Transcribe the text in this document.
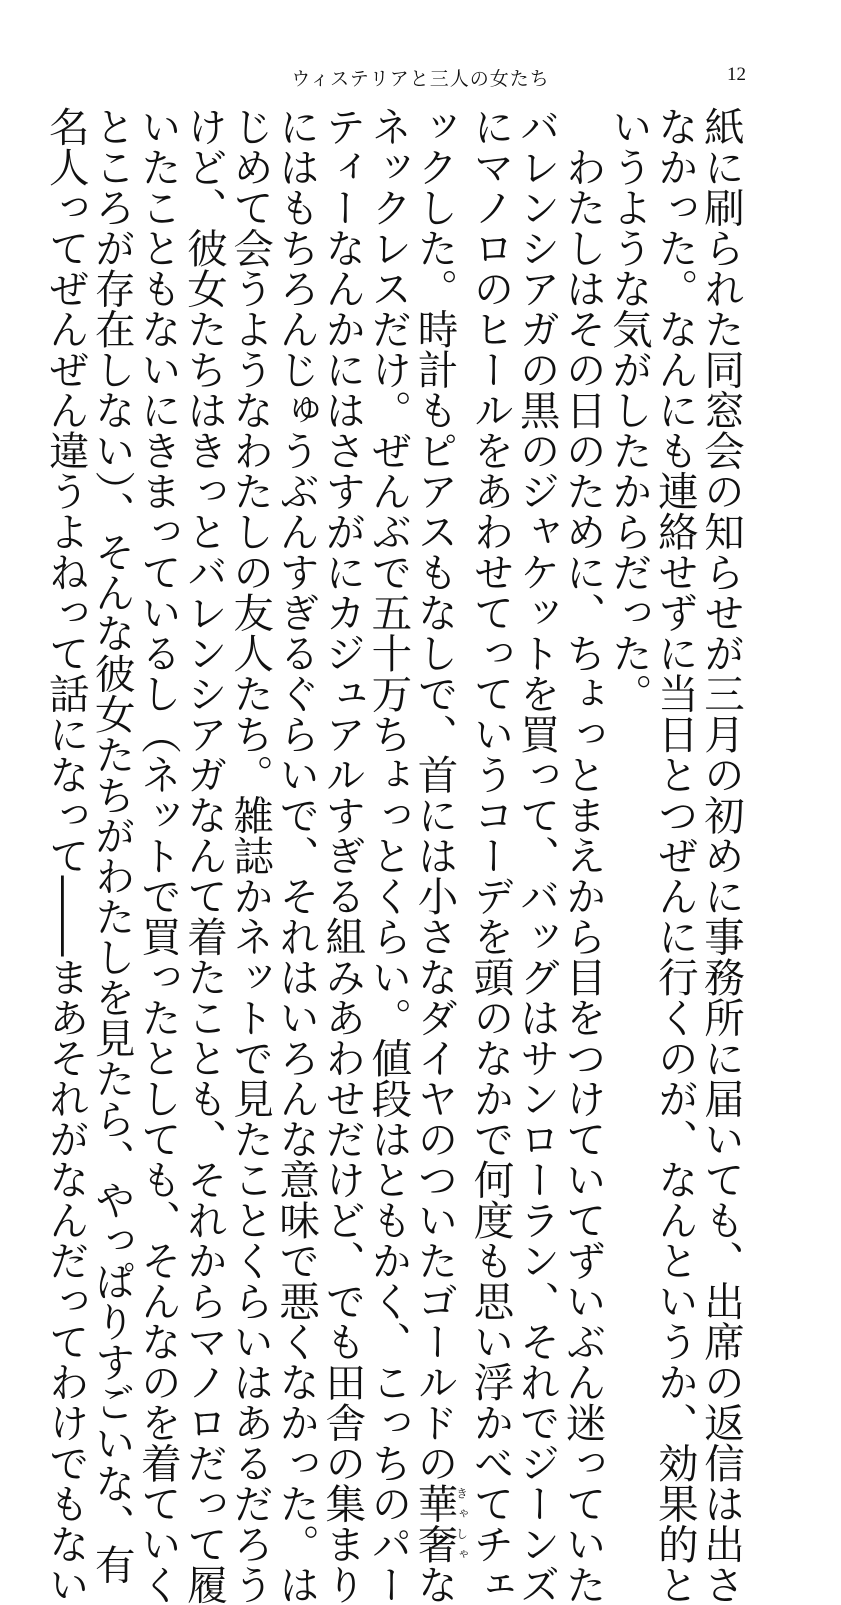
ウィステリアと三人の女たち	12

紙に刷られた同窓会の知らせが三月の初めに事務所に届いても、出席の返信は出さ

なかった。なんにも連絡せずに当日とつぜんに行くのが、なんというか、効果的と

いうような気がしたからだった。

　わたしはその日のために、ちょっとまえから目をつけていてずいぶん迷っていた

バレンシアガの黒のジャケットを買って、バッグはサンローラン、それでジーンズ

にマノロのヒールをあわせてっていうコーデを頭のなかで何度も思い浮かべてチェ

ックした。時計もピアスもなしで、首には小さなダイヤのついたゴールドの華奢きゃしゃな

ネックレスだけ。ぜんぶで五十万ちょっとくらい。値段はともかく、こっちのパー

ティーなんかにはさすがにカジュアルすぎる組みあわせだけど、でも田舎の集まり

にはもちろんじゅうぶんすぎるぐらいで、それはいろんな意味で悪くなかった。は

じめて会うようなわたしの友人たち。雑誌かネットで見たことくらいはあるだろう

けど、彼女たちはきっとバレンシアガなんて着たことも、それからマノロだって履

いたこともないにきまっているし（ネットで買ったとしても、そんなのを着ていく

ところが存在しない）、そんな彼女たちがわたしを見たら、やっぱりすごいな、有

名人ってぜんぜん違うよねって話になって――まあそれがなんだってわけでもない
